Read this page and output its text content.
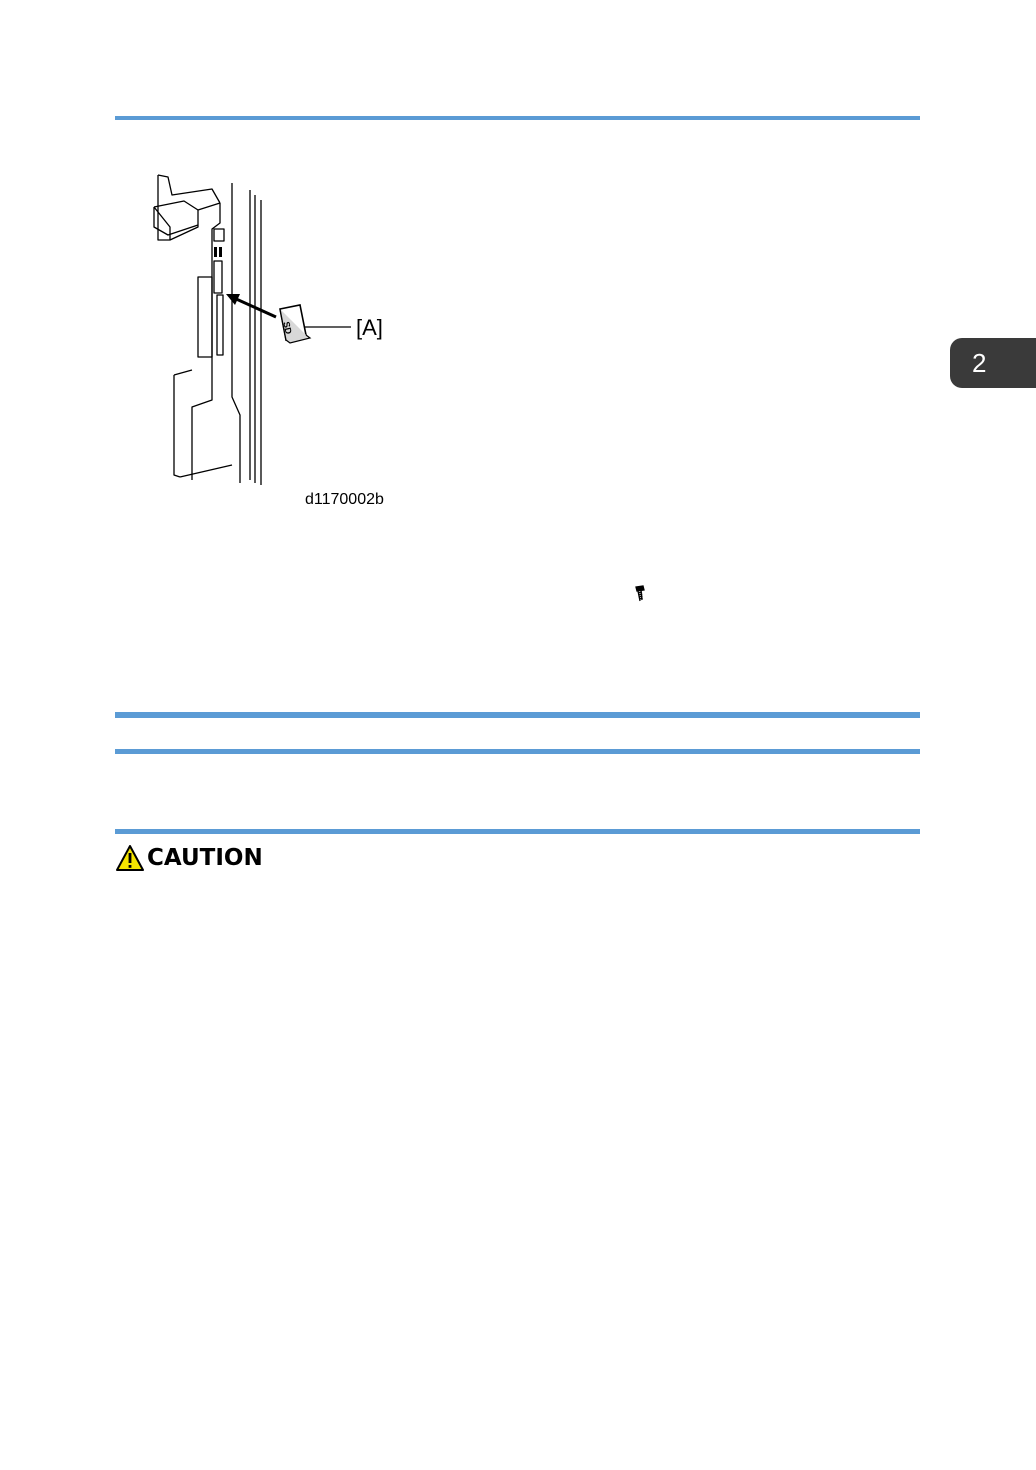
2
SD	[A]
d1170002b
CAUTION
